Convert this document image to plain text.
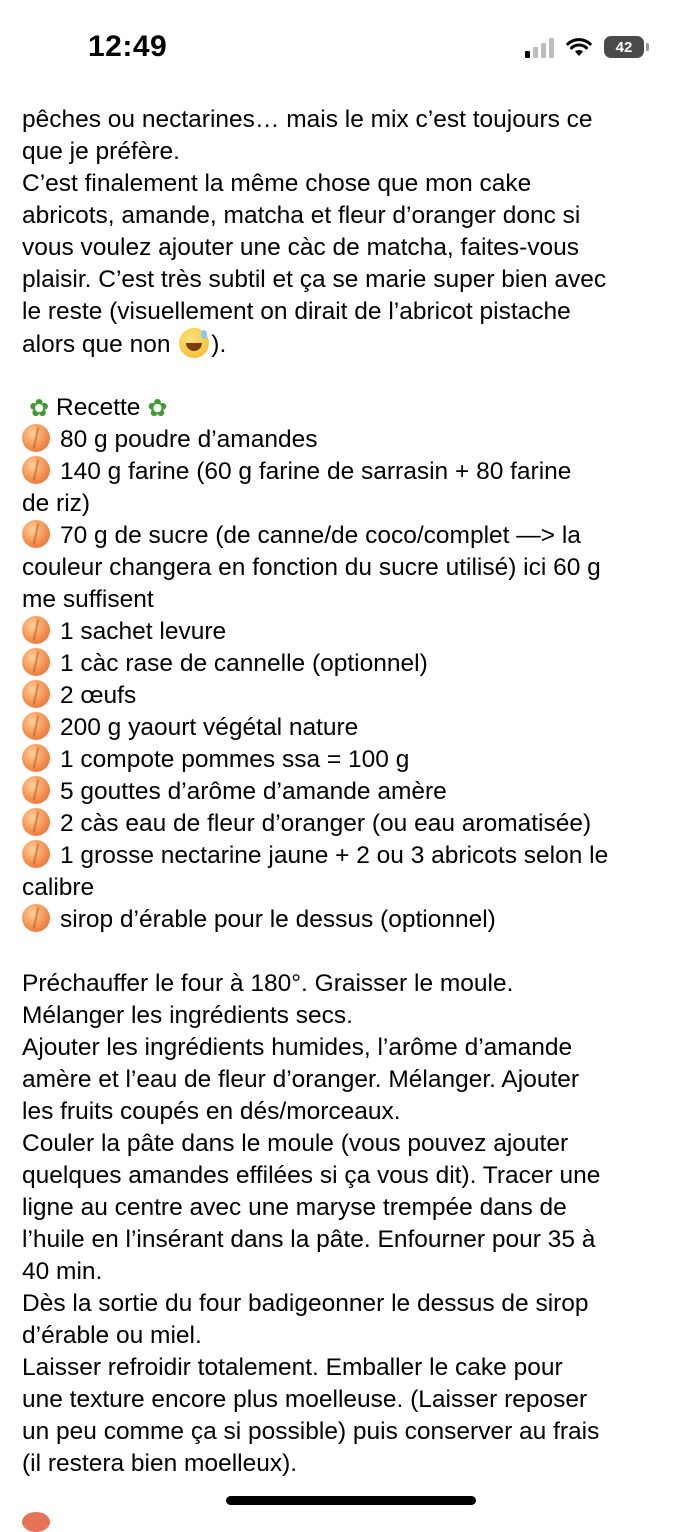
12:49	42
pêches ou nectarines… mais le mix c’est toujours ce
que je préfère.
C’est finalement la même chose que mon cake
abricots, amande, matcha et fleur d’oranger donc si
vous voulez ajouter une càc de matcha, faites-vous
plaisir. C’est très subtil et ça se marie super bien avec
le reste (visuellement on dirait de l’abricot pistache
alors que non ).
✿ Recette ✿
80 g poudre d’amandes
140 g farine (60 g farine de sarrasin + 80 farine
de riz)
70 g de sucre (de canne/de coco/complet —> la
couleur changera en fonction du sucre utilisé) ici 60 g
me suffisent
1 sachet levure
1 càc rase de cannelle (optionnel)
2 œufs
200 g yaourt végétal nature
1 compote pommes ssa = 100 g
5 gouttes d’arôme d’amande amère
2 càs eau de fleur d’oranger (ou eau aromatisée)
1 grosse nectarine jaune + 2 ou 3 abricots selon le
calibre
sirop d’érable pour le dessus (optionnel)
Préchauffer le four à 180°. Graisser le moule.
Mélanger les ingrédients secs.
Ajouter les ingrédients humides, l’arôme d’amande
amère et l’eau de fleur d’oranger. Mélanger. Ajouter
les fruits coupés en dés/morceaux.
Couler la pâte dans le moule (vous pouvez ajouter
quelques amandes effilées si ça vous dit). Tracer une
ligne au centre avec une maryse trempée dans de
l’huile en l’insérant dans la pâte. Enfourner pour 35 à
40 min.
Dès la sortie du four badigeonner le dessus de sirop
d’érable ou miel.
Laisser refroidir totalement. Emballer le cake pour
une texture encore plus moelleuse. (Laisser reposer
un peu comme ça si possible) puis conserver au frais
(il restera bien moelleux).
